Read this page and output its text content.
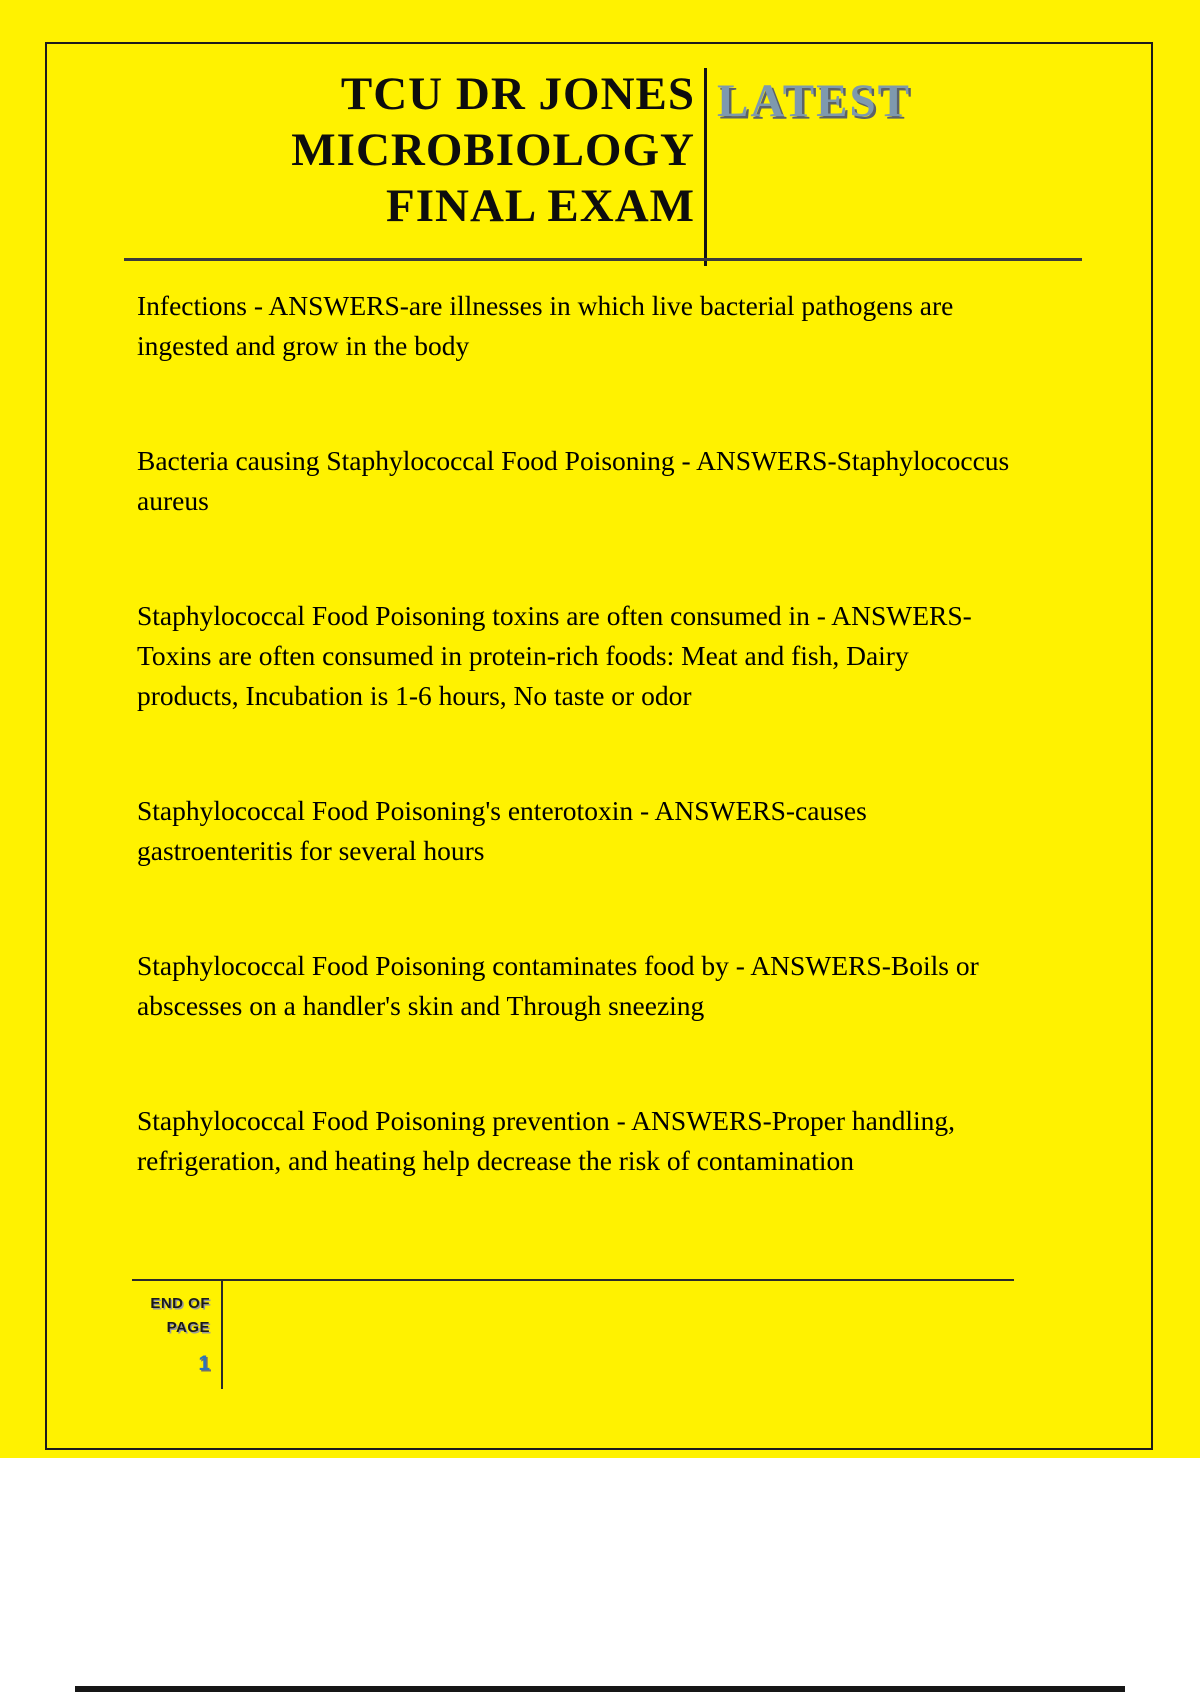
TCU DR JONES
MICROBIOLOGY
FINAL EXAM
LATEST

Infections - ANSWERS-are illnesses in which live bacterial pathogens are ingested and grow in the body

Bacteria causing Staphylococcal Food Poisoning - ANSWERS-Staphylococcus aureus

Staphylococcal Food Poisoning toxins are often consumed in - ANSWERS-Toxins are often consumed in protein-rich foods: Meat and fish, Dairy products, Incubation is 1-6 hours, No taste or odor

Staphylococcal Food Poisoning's enterotoxin - ANSWERS-causes gastroenteritis for several hours

Staphylococcal Food Poisoning contaminates food by - ANSWERS-Boils or abscesses on a handler's skin and Through sneezing

Staphylococcal Food Poisoning prevention - ANSWERS-Proper handling, refrigeration, and heating help decrease the risk of contamination

END OF
PAGE
1
